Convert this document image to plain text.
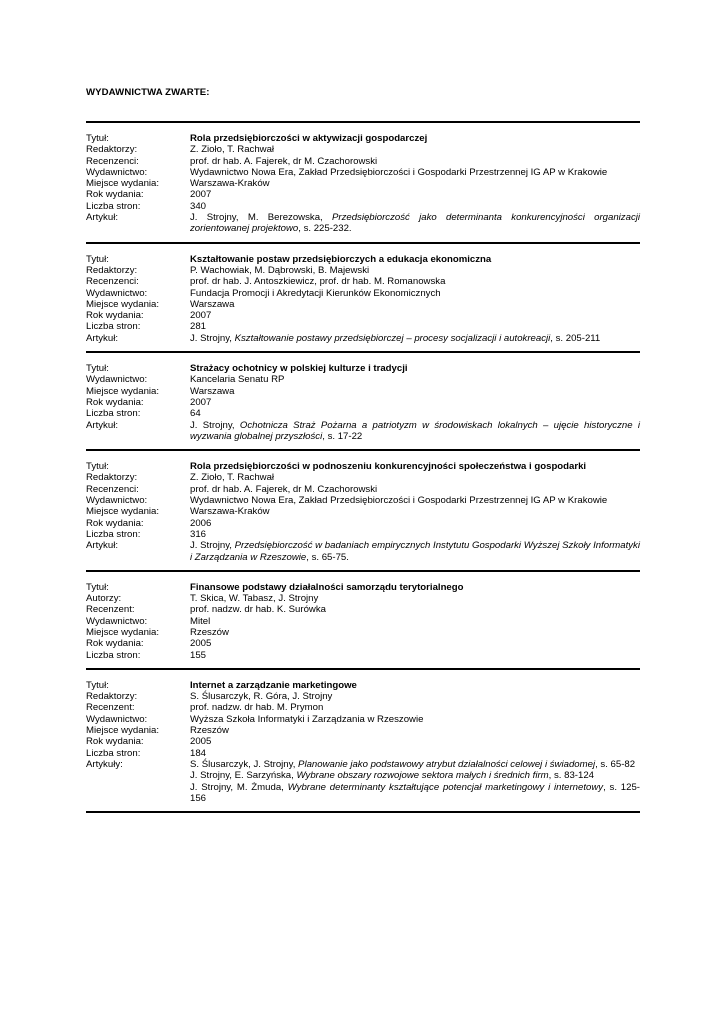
WYDAWNICTWA ZWARTE:
Tytuł:	Rola przedsiębiorczości w aktywizacji gospodarczej
Redaktorzy:	Z. Zioło, T. Rachwał
Recenzenci:	prof. dr hab. A. Fajerek, dr M. Czachorowski
Wydawnictwo:	Wydawnictwo Nowa Era, Zakład Przedsiębiorczości i Gospodarki Przestrzennej IG AP w Krakowie
Miejsce wydania:	Warszawa-Kraków
Rok wydania:	2007
Liczba stron:	340
Artykuł:	J. Strojny, M. Berezowska, Przedsiębiorczość jako determinanta konkurencyjności organizacji zorientowanej projektowo, s. 225-232.
Tytuł:	Kształtowanie postaw przedsiębiorczych a edukacja ekonomiczna
Redaktorzy:	P. Wachowiak, M. Dąbrowski, B. Majewski
Recenzenci:	prof. dr hab. J. Antoszkiewicz, prof. dr hab. M. Romanowska
Wydawnictwo:	Fundacja Promocji i Akredytacji Kierunków Ekonomicznych
Miejsce wydania:	Warszawa
Rok wydania:	2007
Liczba stron:	281
Artykuł:	J. Strojny, Kształtowanie postawy przedsiębiorczej – procesy socjalizacji i autokreacji, s. 205-211
Tytuł:	Strażacy ochotnicy w polskiej kulturze i tradycji
Wydawnictwo:	Kancelaria Senatu RP
Miejsce wydania:	Warszawa
Rok wydania:	2007
Liczba stron:	64
Artykuł:	J. Strojny, Ochotnicza Straż Pożarna a patriotyzm w środowiskach lokalnych – ujęcie historyczne i wyzwania globalnej przyszłości, s. 17-22
Tytuł:	Rola przedsiębiorczości w podnoszeniu konkurencyjności społeczeństwa i gospodarki
Redaktorzy:	Z. Zioło, T. Rachwał
Recenzenci:	prof. dr hab. A. Fajerek, dr M. Czachorowski
Wydawnictwo:	Wydawnictwo Nowa Era, Zakład Przedsiębiorczości i Gospodarki Przestrzennej IG AP w Krakowie
Miejsce wydania:	Warszawa-Kraków
Rok wydania:	2006
Liczba stron:	316
Artykuł:	J. Strojny, Przedsiębiorczość w badaniach empirycznych Instytutu Gospodarki Wyższej Szkoły Informatyki i Zarządzania w Rzeszowie, s. 65-75.
Tytuł:	Finansowe podstawy działalności samorządu terytorialnego
Autorzy:	T. Skica, W. Tabasz, J. Strojny
Recenzent:	prof. nadzw. dr hab. K. Surówka
Wydawnictwo:	Mitel
Miejsce wydania:	Rzeszów
Rok wydania:	2005
Liczba stron:	155
Tytuł:	Internet a zarządzanie marketingowe
Redaktorzy:	S. Ślusarczyk, R. Góra, J. Strojny
Recenzent:	prof. nadzw. dr hab. M. Prymon
Wydawnictwo:	Wyższa Szkoła Informatyki i Zarządzania w Rzeszowie
Miejsce wydania:	Rzeszów
Rok wydania:	2005
Liczba stron:	184
Artykuły:	S. Ślusarczyk, J. Strojny, Planowanie jako podstawowy atrybut działalności celowej i świadomej, s. 65-82
J. Strojny, E. Sarzyńska, Wybrane obszary rozwojowe sektora małych i średnich firm, s. 83-124
J. Strojny, M. Żmuda, Wybrane determinanty kształtujące potencjał marketingowy i internetowy, s. 125-156
